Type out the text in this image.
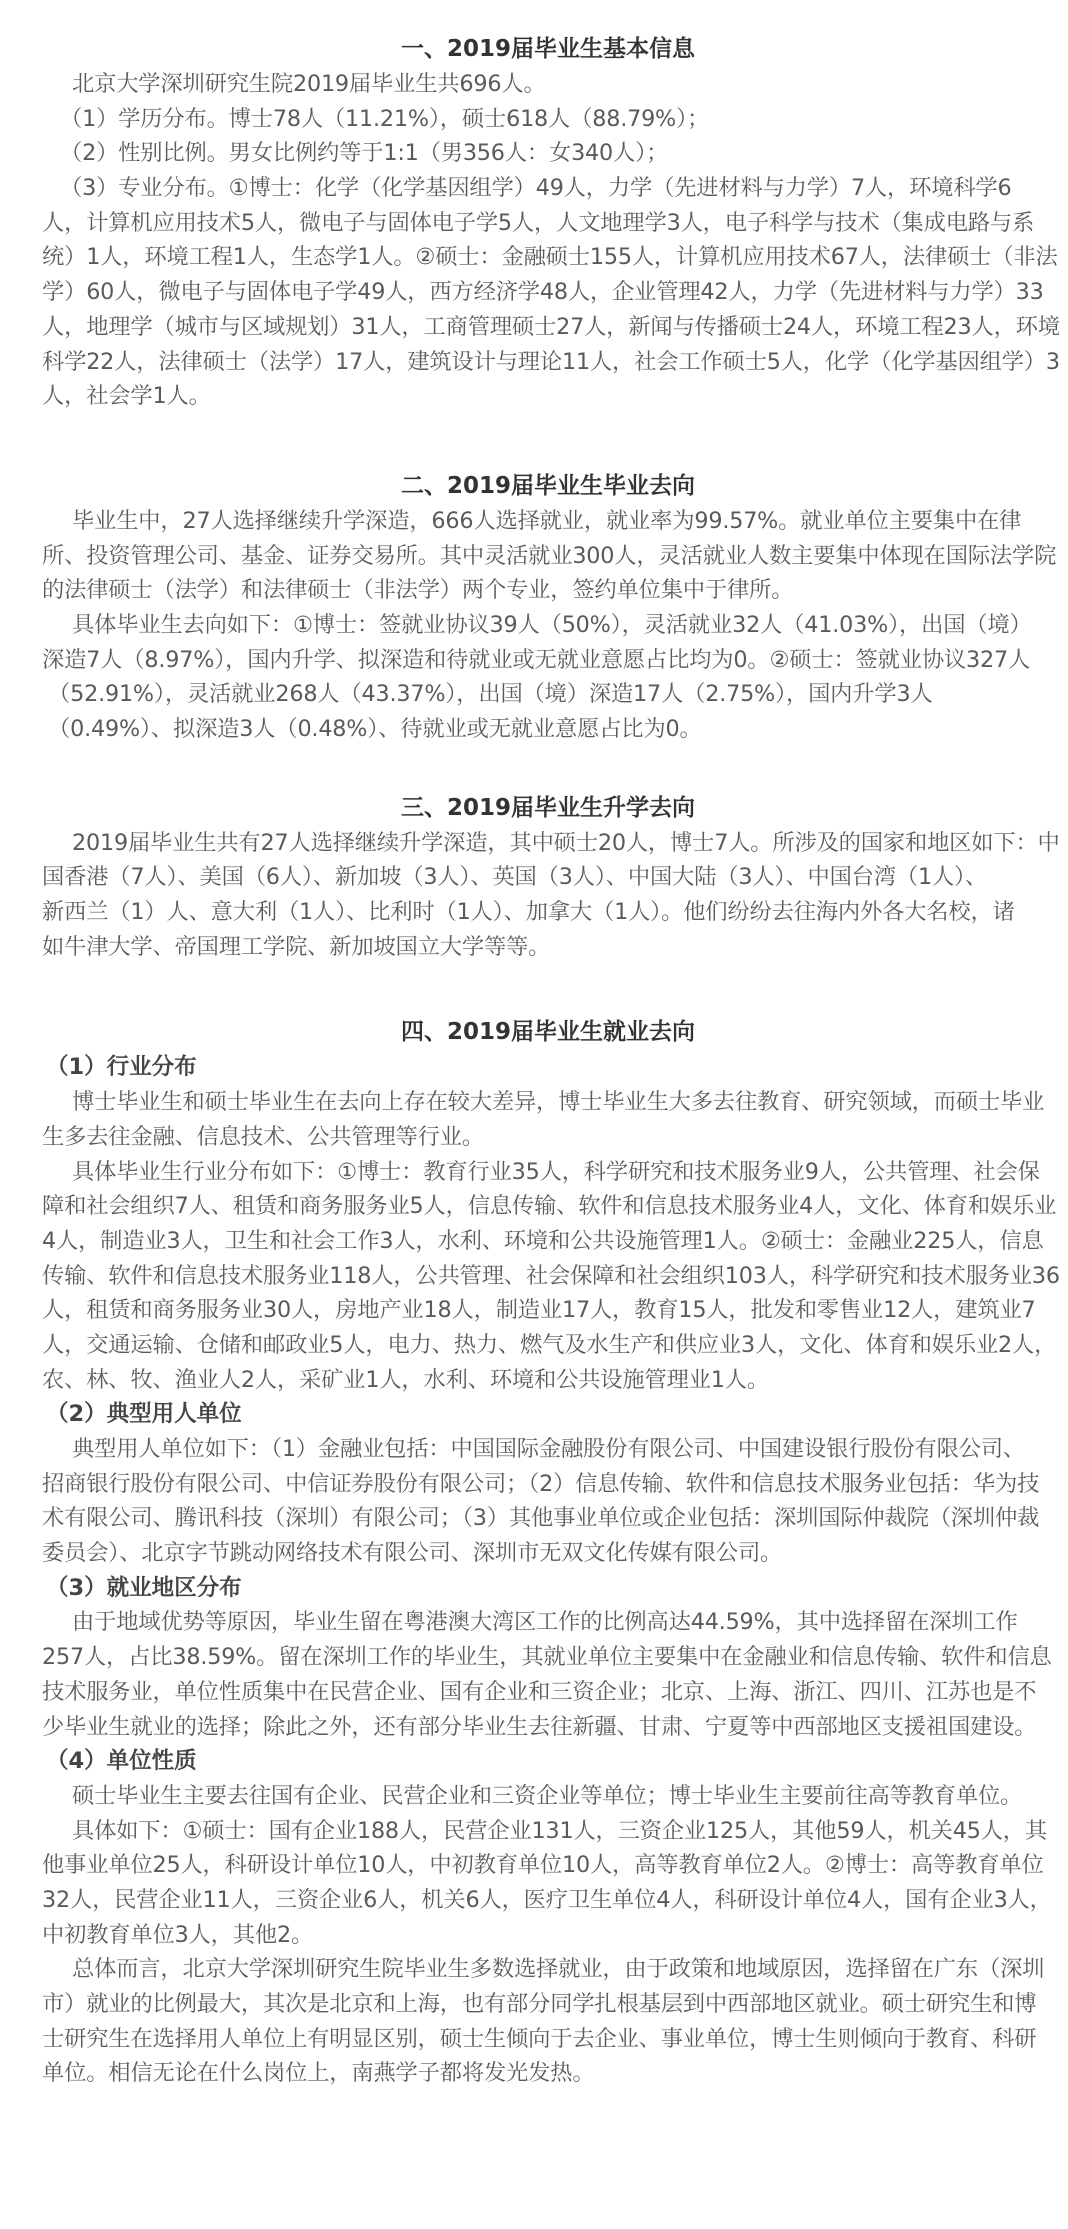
一、2019届毕业生基本信息
北京大学深圳研究生院2019届毕业生共696人。
（1）学历分布。博士78人（11.21%），硕士618人（88.79%）；
（2）性别比例。男女比例约等于1:1（男356人：女340人）；
（3）专业分布。①博士：化学（化学基因组学）49人，力学（先进材料与力学）7人，环境科学6
人，计算机应用技术5人，微电子与固体电子学5人，人文地理学3人，电子科学与技术（集成电路与系
统）1人，环境工程1人，生态学1人。②硕士：金融硕士155人，计算机应用技术67人，法律硕士（非法
学）60人，微电子与固体电子学49人，西方经济学48人，企业管理42人，力学（先进材料与力学）33
人，地理学（城市与区域规划）31人，工商管理硕士27人，新闻与传播硕士24人，环境工程23人，环境
科学22人，法律硕士（法学）17人，建筑设计与理论11人，社会工作硕士5人，化学（化学基因组学）3
人，社会学1人。
二、2019届毕业生毕业去向
毕业生中，27人选择继续升学深造，666人选择就业，就业率为99.57%。就业单位主要集中在律
所、投资管理公司、基金、证券交易所。其中灵活就业300人，灵活就业人数主要集中体现在国际法学院
的法律硕士（法学）和法律硕士（非法学）两个专业，签约单位集中于律所。
具体毕业生去向如下：①博士：签就业协议39人（50%），灵活就业32人（41.03%），出国（境）
深造7人（8.97%），国内升学、拟深造和待就业或无就业意愿占比均为0。②硕士：签就业协议327人
（52.91%），灵活就业268人（43.37%），出国（境）深造17人（2.75%），国内升学3人
（0.49%）、拟深造3人（0.48%）、待就业或无就业意愿占比为0。
三、2019届毕业生升学去向
2019届毕业生共有27人选择继续升学深造，其中硕士20人，博士7人。所涉及的国家和地区如下：中
国香港（7人）、美国（6人）、新加坡（3人）、英国（3人）、中国大陆（3人）、中国台湾（1人）、
新西兰（1）人、意大利（1人）、比利时（1人）、加拿大（1人）。他们纷纷去往海内外各大名校，诸
如牛津大学、帝国理工学院、新加坡国立大学等等。
四、2019届毕业生就业去向
（1）行业分布
博士毕业生和硕士毕业生在去向上存在较大差异，博士毕业生大多去往教育、研究领域，而硕士毕业
生多去往金融、信息技术、公共管理等行业。
具体毕业生行业分布如下：①博士：教育行业35人，科学研究和技术服务业9人，公共管理、社会保
障和社会组织7人、租赁和商务服务业5人，信息传输、软件和信息技术服务业4人，文化、体育和娱乐业
4人，制造业3人，卫生和社会工作3人，水利、环境和公共设施管理1人。②硕士：金融业225人，信息
传输、软件和信息技术服务业118人，公共管理、社会保障和社会组织103人，科学研究和技术服务业36
人，租赁和商务服务业30人，房地产业18人，制造业17人，教育15人，批发和零售业12人，建筑业7
人，交通运输、仓储和邮政业5人，电力、热力、燃气及水生产和供应业3人，文化、体育和娱乐业2人，
农、林、牧、渔业人2人，采矿业1人，水利、环境和公共设施管理业1人。
（2）典型用人单位
典型用人单位如下：（1）金融业包括：中国国际金融股份有限公司、中国建设银行股份有限公司、
招商银行股份有限公司、中信证券股份有限公司；（2）信息传输、软件和信息技术服务业包括：华为技
术有限公司、腾讯科技（深圳）有限公司；（3）其他事业单位或企业包括：深圳国际仲裁院（深圳仲裁
委员会）、北京字节跳动网络技术有限公司、深圳市无双文化传媒有限公司。
（3）就业地区分布
由于地域优势等原因，毕业生留在粤港澳大湾区工作的比例高达44.59%，其中选择留在深圳工作
257人，占比38.59%。留在深圳工作的毕业生，其就业单位主要集中在金融业和信息传输、软件和信息
技术服务业，单位性质集中在民营企业、国有企业和三资企业；北京、上海、浙江、四川、江苏也是不
少毕业生就业的选择；除此之外，还有部分毕业生去往新疆、甘肃、宁夏等中西部地区支援祖国建设。
（4）单位性质
硕士毕业生主要去往国有企业、民营企业和三资企业等单位；博士毕业生主要前往高等教育单位。
具体如下：①硕士：国有企业188人，民营企业131人，三资企业125人，其他59人，机关45人，其
他事业单位25人，科研设计单位10人，中初教育单位10人，高等教育单位2人。②博士：高等教育单位
32人，民营企业11人，三资企业6人，机关6人，医疗卫生单位4人，科研设计单位4人，国有企业3人，
中初教育单位3人，其他2。
总体而言，北京大学深圳研究生院毕业生多数选择就业，由于政策和地域原因，选择留在广东（深圳
市）就业的比例最大，其次是北京和上海，也有部分同学扎根基层到中西部地区就业。硕士研究生和博
士研究生在选择用人单位上有明显区别，硕士生倾向于去企业、事业单位，博士生则倾向于教育、科研
单位。相信无论在什么岗位上，南燕学子都将发光发热。
